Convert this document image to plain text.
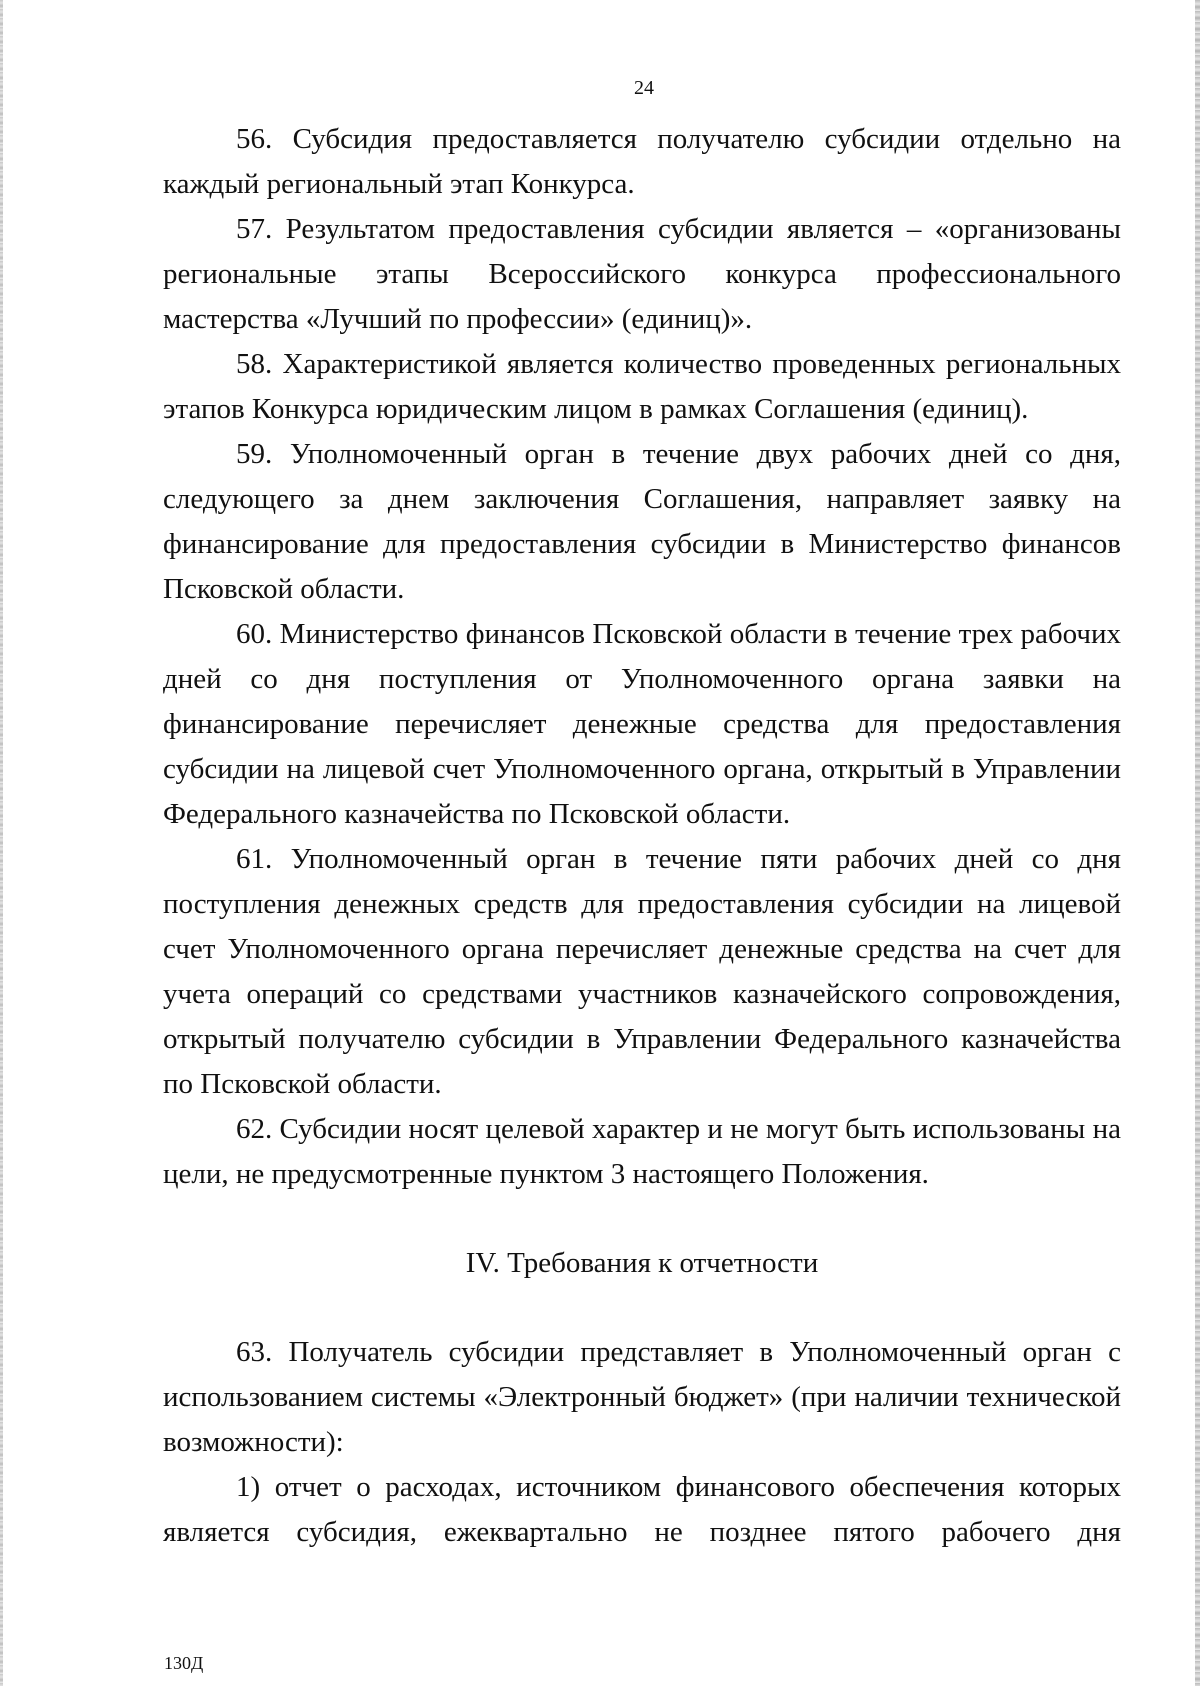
24

56. Субсидия предоставляется получателю субсидии отдельно на каждый региональный этап Конкурса.

57. Результатом предоставления субсидии является – «организованы региональные этапы Всероссийского конкурса профессионального мастерства «Лучший по профессии» (единиц)».

58. Характеристикой является количество проведенных региональных этапов Конкурса юридическим лицом в рамках Соглашения (единиц).

59. Уполномоченный орган в течение двух рабочих дней со дня, следующего за днем заключения Соглашения, направляет заявку на финансирование для предоставления субсидии в Министерство финансов Псковской области.

60. Министерство финансов Псковской области в течение трех рабочих дней со дня поступления от Уполномоченного органа заявки на финансирование перечисляет денежные средства для предоставления субсидии на лицевой счет Уполномоченного органа, открытый в Управлении Федерального казначейства по Псковской области.

61. Уполномоченный орган в течение пяти рабочих дней со дня поступления денежных средств для предоставления субсидии на лицевой счет Уполномоченного органа перечисляет денежные средства на счет для учета операций со средствами участников казначейского сопровождения, открытый получателю субсидии в Управлении Федерального казначейства по Псковской области.

62. Субсидии носят целевой характер и не могут быть использованы на цели, не предусмотренные пунктом 3 настоящего Положения.

IV. Требования к отчетности

63. Получатель субсидии представляет в Уполномоченный орган с использованием системы «Электронный бюджет» (при наличии технической возможности):

1) отчет о расходах, источником финансового обеспечения которых является субсидия, ежеквартально не позднее пятого рабочего дня

130Д
